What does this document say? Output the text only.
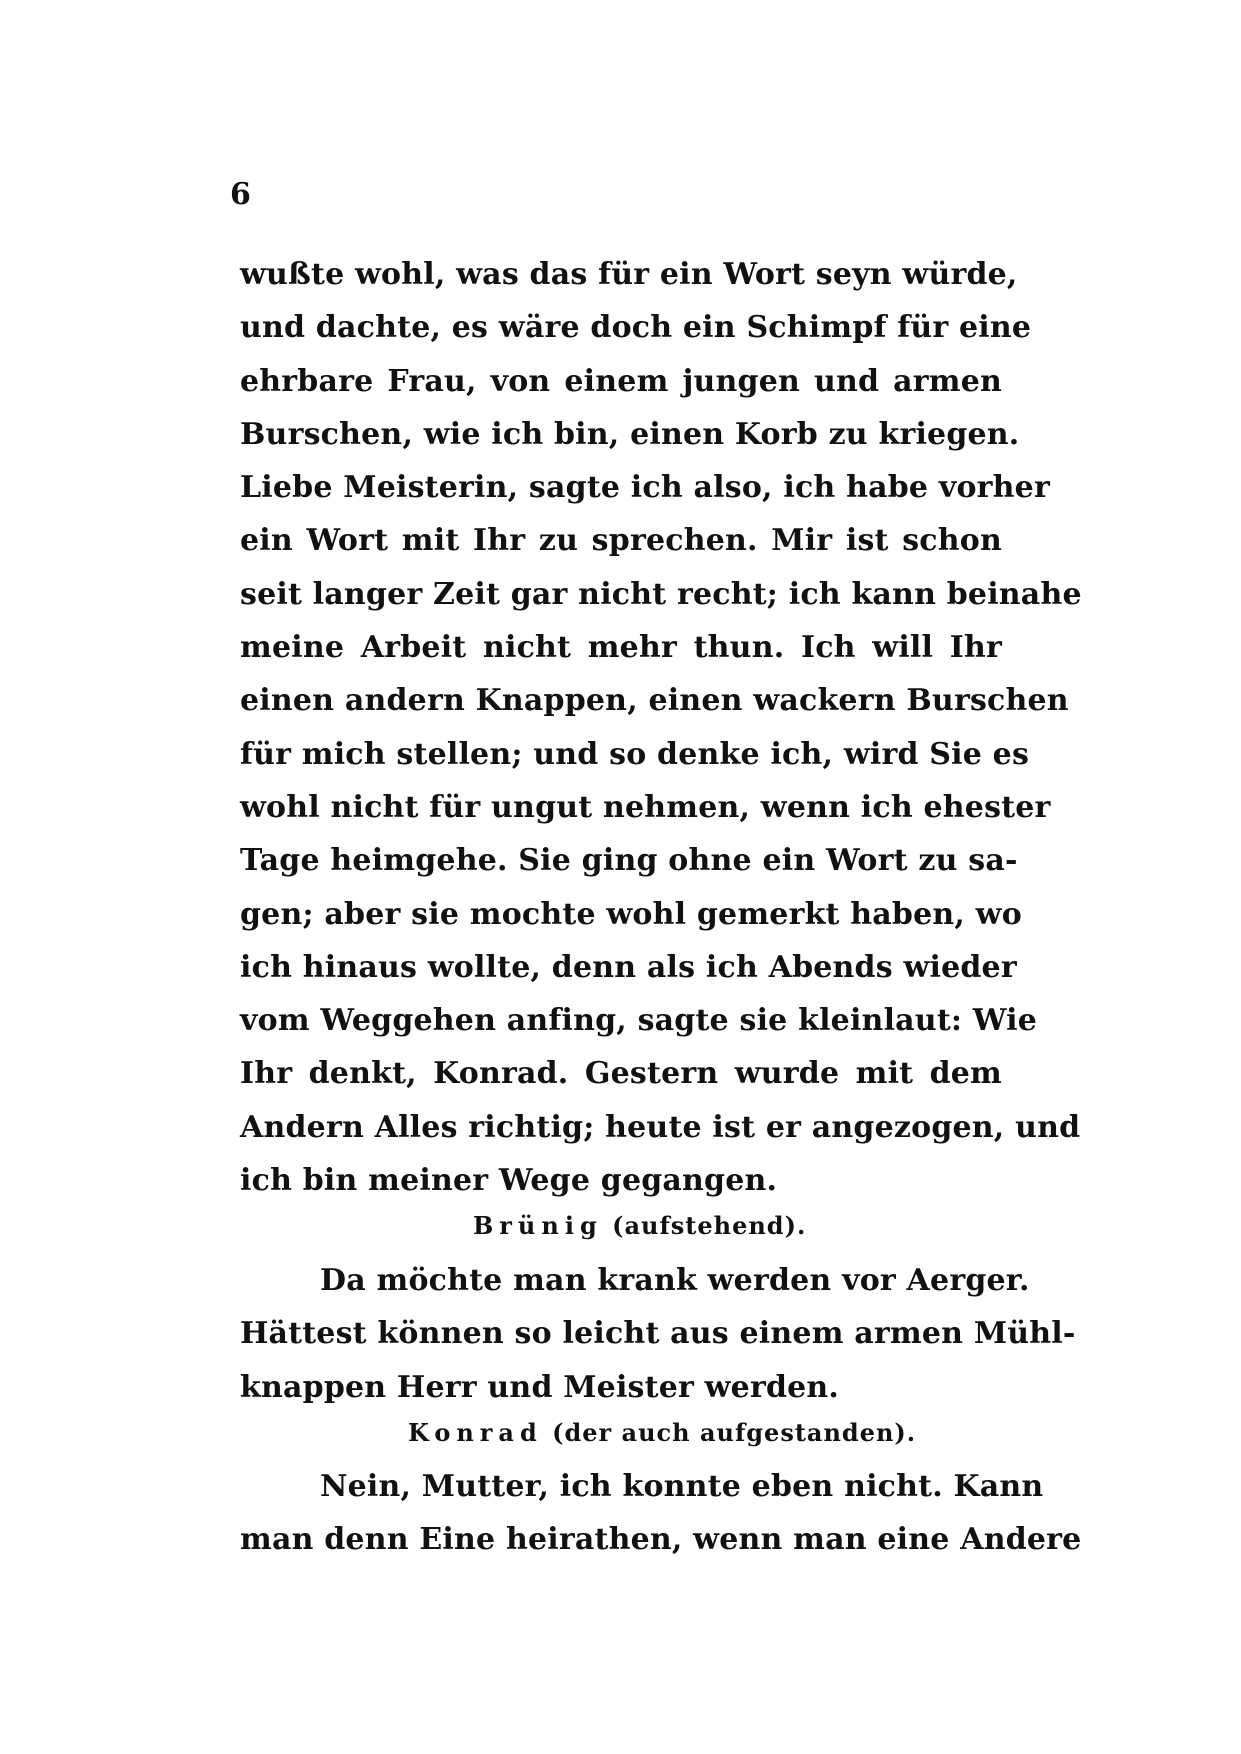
6
wußte wohl, was das für ein Wort seyn würde,
und dachte, es wäre doch ein Schimpf für eine
ehrbare Frau, von einem jungen und armen
Burschen, wie ich bin, einen Korb zu kriegen.
Liebe Meisterin, sagte ich also, ich habe vorher
ein Wort mit Ihr zu sprechen. Mir ist schon
seit langer Zeit gar nicht recht; ich kann beinahe
meine Arbeit nicht mehr thun. Ich will Ihr
einen andern Knappen, einen wackern Burschen
für mich stellen; und so denke ich, wird Sie es
wohl nicht für ungut nehmen, wenn ich ehester
Tage heimgehe. Sie ging ohne ein Wort zu sa-
gen; aber sie mochte wohl gemerkt haben, wo
ich hinaus wollte, denn als ich Abends wieder
vom Weggehen anfing, sagte sie kleinlaut: Wie
Ihr denkt, Konrad. Gestern wurde mit dem
Andern Alles richtig; heute ist er angezogen, und
ich bin meiner Wege gegangen.
Brünig (aufstehend).
Da möchte man krank werden vor Aerger.
Hättest können so leicht aus einem armen Mühl-
knappen Herr und Meister werden.
Konrad (der auch aufgestanden).
Nein, Mutter, ich konnte eben nicht. Kann
man denn Eine heirathen, wenn man eine Andere
